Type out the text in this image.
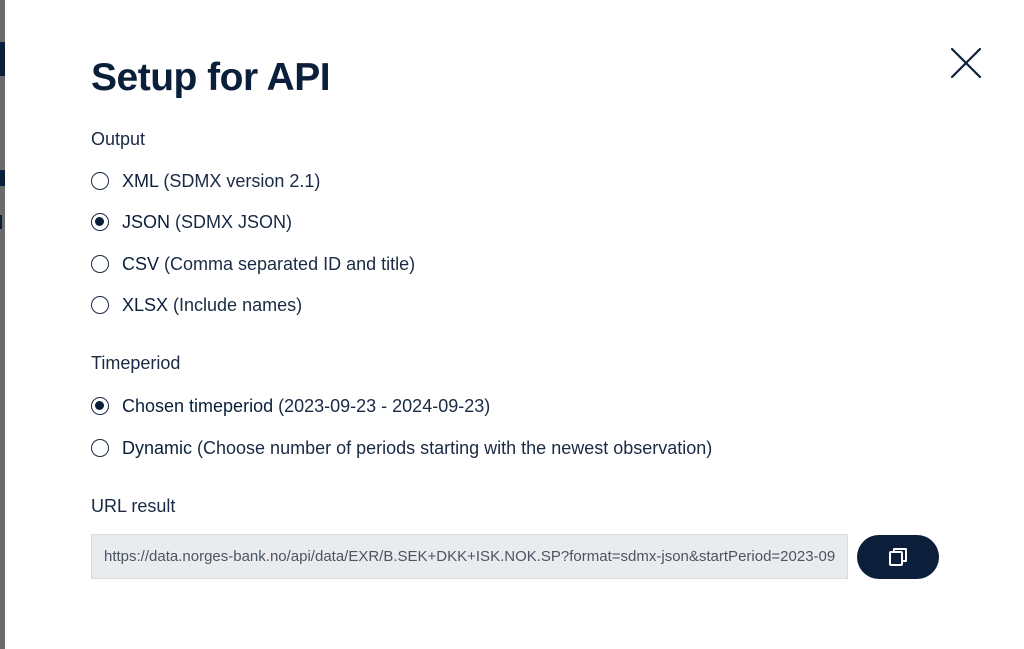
Setup for API
Output
XML (SDMX version 2.1)
JSON (SDMX JSON)
CSV (Comma separated ID and title)
XLSX (Include names)
Timeperiod
Chosen timeperiod (2023-09-23 - 2024-09-23)
Dynamic (Choose number of periods starting with the newest observation)
URL result
https://data.norges-bank.no/api/data/EXR/B.SEK+DKK+ISK.NOK.SP?format=sdmx-json&startPeriod=2023-09-23&endPeriod=2024-09-23&locale=en
